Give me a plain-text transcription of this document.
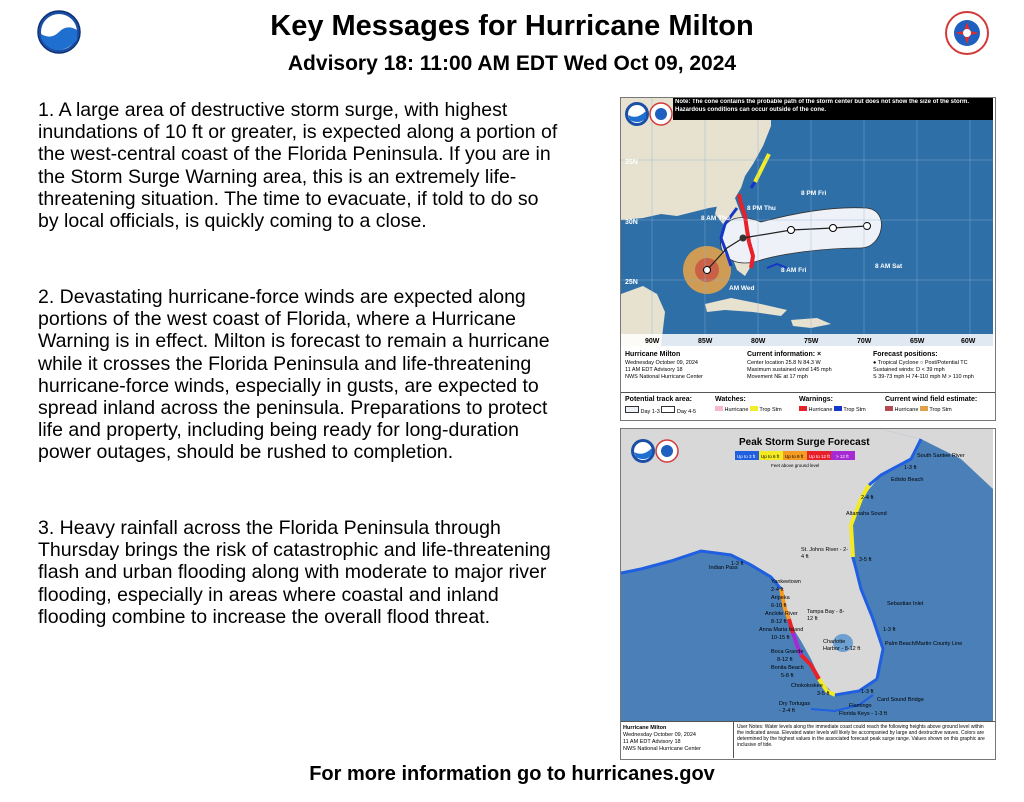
Key Messages for Hurricane Milton
Advisory 18: 11:00 AM EDT Wed Oct 09, 2024
1. A large area of destructive storm surge, with highest inundations of 10 ft or greater, is expected along a portion of the west-central coast of the Florida Peninsula. If you are in the Storm Surge Warning area, this is an extremely life-threatening situation. The time to evacuate, if told to do so by local officials, is quickly coming to a close.
2. Devastating hurricane-force winds are expected along portions of the west coast of Florida, where a Hurricane Warning is in effect. Milton is forecast to remain a hurricane while it crosses the Florida Peninsula and life-threatening hurricane-force winds, especially in gusts, are expected to spread inland across the peninsula. Preparations to protect life and property, including being ready for long-duration power outages, should be rushed to completion.
3. Heavy rainfall across the Florida Peninsula through Thursday brings the risk of catastrophic and life-threatening flash and urban flooding along with moderate to major river flooding, especially in areas where coastal and inland flooding combine to increase the overall flood threat.
Note: The cone contains the probable path of the storm center but does not show the size of the storm. Hazardous conditions can occur outside of the cone.
35N
30N
25N
90W	85W	80W	75W	70W	65W	60W
8 PM Fri
8 PM Thu
8 AM Thu
8 AM Fri
8 AM Sat
AM Wed
Hurricane Milton
Wednesday October 09, 2024
11 AM EDT Advisory 18
NWS National Hurricane Center
Current information: ×
Center location 25.8 N 84.3 W
Maximum sustained wind 145 mph
Movement NE at 17 mph
Forecast positions:
● Tropical Cyclone ○ Post/Potential TC
Sustained winds: D < 39 mph
S 39-73 mph H 74-110 mph M > 110 mph
Potential track area:
Day 1-3	Day 4-5
Watches:
Hurricane Trop Stm
Warnings:
Hurricane Trop Stm
Current wind field estimate:
Hurricane Trop Stm
Peak Storm Surge Forecast
Up to 3 ft Up to 6 ft Up to 9 ft Up to 12 ft > 12 ft
Feet above ground level
South Santee River
1-3 ft
Edisto Beach
2-4 ft
Altamaha Sound
St. Johns River - 2-4 ft
3-5 ft
Indian Pass
1-3 ft
Yankeetown
2-4 ft
Aripeka
6-10 ft
Anclote River
8-12 ft
Tampa Bay - 8-12 ft
Sebastian Inlet
Anna Maria Island
10-15 ft
1-3 ft
Charlotte Harbor - 8-12 ft
Boca Grande
8-12 ft
Bonita Beach
5-8 ft
Palm Beach/Martin County Line
Chokoloskee
3-5 ft	1-3 ft
Card Sound Bridge
Dry Tortugas - 2-4 ft
Flamingo
Florida Keys - 1-3 ft
Hurricane Milton
Wednesday October 09, 2024
11 AM EDT Advisory 18
NWS National Hurricane Center
User Notes: Water levels along the immediate coast could reach the following heights above ground level within the indicated areas. Elevated water levels will likely be accompanied by large and destructive waves. Colors are determined by the highest values in the associated forecast peak surge range. Values shown on this graphic are inclusive of tide.
For more information go to hurricanes.gov
